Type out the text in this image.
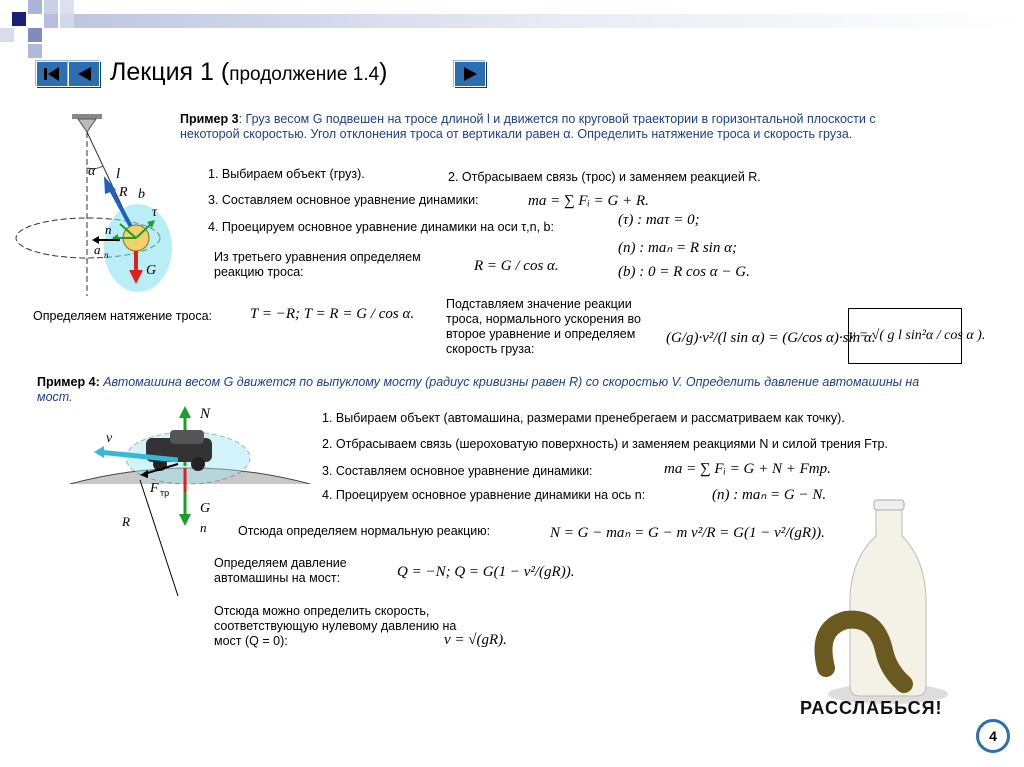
Лекция 1 (продолжение 1.4)
α l
R b
τ
n
a n
G
Пример 3: Груз весом G подвешен на тросе длиной l и движется по круговой траектории в горизонтальной плоскости с некоторой скоростью. Угол отклонения троса от вертикали равен α. Определить натяжение троса и скорость груза.
1. Выбираем объект (груз).	2. Отбрасываем связь (трос) и заменяем реакцией R.
3. Составляем основное уравнение динамики:	ma = ∑ Fᵢ = G + R.
4. Проецируем основное уравнение динамики на оси τ,n, b:	(τ) : maτ = 0;
(n) : maₙ = R sin α;
(b) : 0 = R cos α − G.
Из третьего уравнения определяем реакцию троса:	R = G / cos α.
Определяем натяжение троса:	T = −R; T = R = G / cos α.
Подставляем значение реакции троса, нормального ускорения во второе уравнение и определяем скорость груза:
(G/g)·v²/(l sin α) = (G/cos α)·sin α.
v = √( g l sin²α / cos α ).
Пример 4: Автомашина весом G движется по выпуклому мосту (радиус кривизны равен R) со скоростью V. Определить давление автомашины на мост.
N
v
F тр
G
n
R
1. Выбираем объект (автомашина, размерами пренебрегаем и рассматриваем как точку).
2. Отбрасываем связь (шероховатую поверхность) и заменяем реакциями N и силой трения Fтр.
3. Составляем основное уравнение динамики:	ma = ∑ Fᵢ = G + N + Fтр.
4. Проецируем основное уравнение динамики на ось n:	(n) : maₙ = G − N.
Отсюда определяем нормальную реакцию:	N = G − maₙ = G − m v²/R = G(1 − v²/(gR)).
Определяем давление автомашины на мост:	Q = −N; Q = G(1 − v²/(gR)).
Отсюда можно определить скорость, соответствующую нулевому давлению на мост (Q = 0):	v = √(gR).
РАССЛАБЬСЯ!
4
